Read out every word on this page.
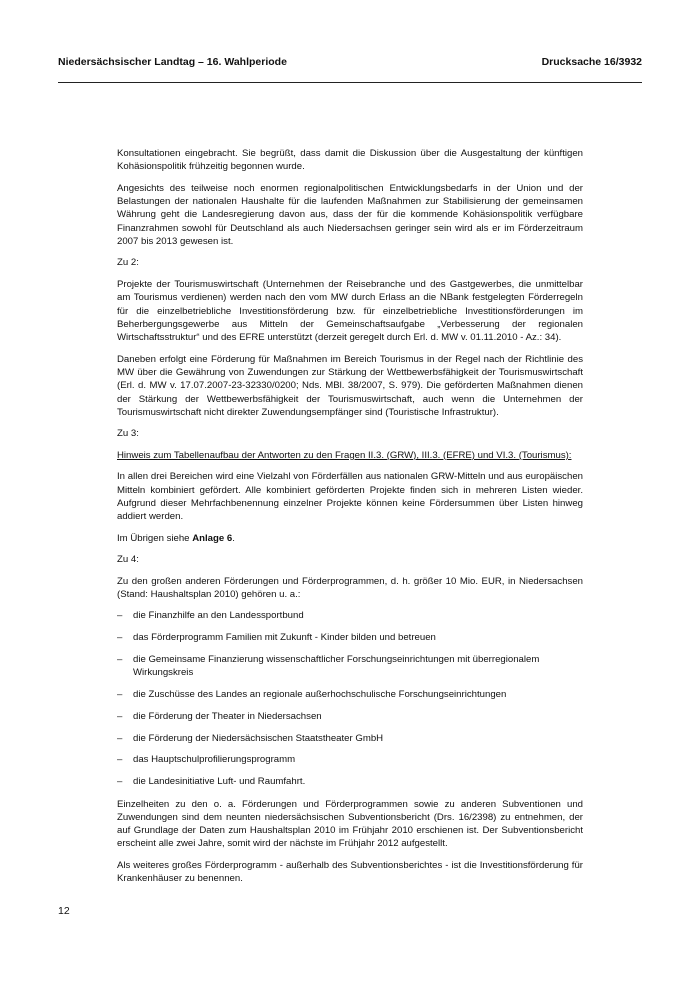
Niedersächsischer Landtag – 16. Wahlperiode	Drucksache 16/3932

Konsultationen eingebracht. Sie begrüßt, dass damit die Diskussion über die Ausgestaltung der künftigen Kohäsionspolitik frühzeitig begonnen wurde.

Angesichts des teilweise noch enormen regionalpolitischen Entwicklungsbedarfs in der Union und der Belastungen der nationalen Haushalte für die laufenden Maßnahmen zur Stabilisierung der gemeinsamen Währung geht die Landesregierung davon aus, dass der für die kommende Kohäsionspolitik verfügbare Finanzrahmen sowohl für Deutschland als auch Niedersachsen geringer sein wird als er im Förderzeitraum 2007 bis 2013 gewesen ist.

Zu 2:

Projekte der Tourismuswirtschaft (Unternehmen der Reisebranche und des Gastgewerbes, die unmittelbar am Tourismus verdienen) werden nach den vom MW durch Erlass an die NBank festgelegten Förderregeln für die einzelbetriebliche Investitionsförderung bzw. für einzelbetriebliche Investitionsförderungen im Beherbergungsgewerbe aus Mitteln der Gemeinschaftsaufgabe „Verbesserung der regionalen Wirtschaftsstruktur“ und des EFRE unterstützt (derzeit geregelt durch Erl. d. MW v. 01.11.2010 - Az.: 34).

Daneben erfolgt eine Förderung für Maßnahmen im Bereich Tourismus in der Regel nach der Richtlinie des MW über die Gewährung von Zuwendungen zur Stärkung der Wettbewerbsfähigkeit der Tourismuswirtschaft (Erl. d. MW v. 17.07.2007-23-32330/0200; Nds. MBl. 38/2007, S. 979). Die geförderten Maßnahmen dienen der Stärkung der Wettbewerbsfähigkeit der Tourismuswirtschaft, auch wenn die Unternehmen der Tourismuswirtschaft nicht direkter Zuwendungsempfänger sind (Touristische Infrastruktur).

Zu 3:

Hinweis zum Tabellenaufbau der Antworten zu den Fragen II.3. (GRW), III.3. (EFRE) und VI.3. (Tourismus):

In allen drei Bereichen wird eine Vielzahl von Förderfällen aus nationalen GRW-Mitteln und aus europäischen Mitteln kombiniert gefördert. Alle kombiniert geförderten Projekte finden sich in mehreren Listen wieder. Aufgrund dieser Mehrfachbenennung einzelner Projekte können keine Fördersummen über Listen hinweg addiert werden.

Im Übrigen siehe Anlage 6.

Zu 4:

Zu den großen anderen Förderungen und Förderprogrammen, d. h. größer 10 Mio. EUR, in Niedersachsen (Stand: Haushaltsplan 2010) gehören u. a.:

– die Finanzhilfe an den Landessportbund
– das Förderprogramm Familien mit Zukunft - Kinder bilden und betreuen
– die Gemeinsame Finanzierung wissenschaftlicher Forschungseinrichtungen mit überregionalem Wirkungskreis
– die Zuschüsse des Landes an regionale außerhochschulische Forschungseinrichtungen
– die Förderung der Theater in Niedersachsen
– die Förderung der Niedersächsischen Staatstheater GmbH
– das Hauptschulprofilierungsprogramm
– die Landesinitiative Luft- und Raumfahrt.

Einzelheiten zu den o. a. Förderungen und Förderprogrammen sowie zu anderen Subventionen und Zuwendungen sind dem neunten niedersächsischen Subventionsbericht (Drs. 16/2398) zu entnehmen, der auf Grundlage der Daten zum Haushaltsplan 2010 im Frühjahr 2010 erschienen ist. Der Subventionsbericht erscheint alle zwei Jahre, somit wird der nächste im Frühjahr 2012 aufgestellt.

Als weiteres großes Förderprogramm - außerhalb des Subventionsberichtes - ist die Investitionsförderung für Krankenhäuser zu benennen.

12
